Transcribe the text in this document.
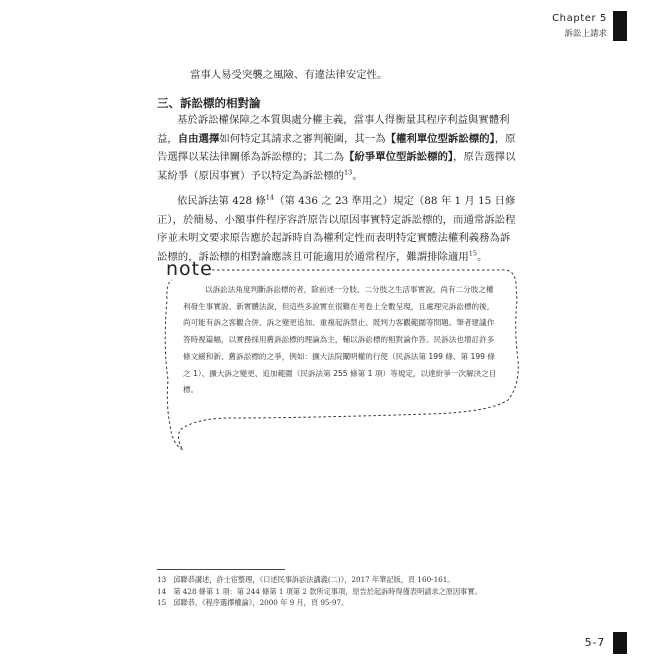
Chapter 5
訴訟上請求
當事人易受突襲之風險、有違法律安定性。
三、訴訟標的相對論
基於訴訟權保障之本質與處分權主義，當事人得衡量其程序利益與實體利益，自由選擇如何特定其請求之審判範圍，其一為【權利單位型訴訟標的】，原告選擇以某法律關係為訴訟標的；其二為【紛爭單位型訴訟標的】，原告選擇以某紛爭（原因事實）予以特定為訴訟標的$^{13}$。
依民訴法第 428 條$^{14}$（第 436 之 23 準用之）規定（88 年 1 月 15 日修正），於簡易、小額事件程序容許原告以原因事實特定訴訟標的，而通常訴訟程序並未明文要求原告應於起訴時自為權利定性而表明特定實體法權利義務為訴訟標的，訴訟標的相對論應該且可能適用於通常程序，難謂排除適用$^{15}$。
note
以訴訟法角度判斷訴訟標的者，除前述一分肢、二分肢之生活事實說，尚有二分肢之權利發生事實說、新實體法說，但這些多說實在很難在考卷上全數呈現，且處理完訴訟標的後，尚可能有訴之客觀合併、訴之變更追加、重複起訴禁止、既判力客觀範圍等問題。筆者建議作答時視篇幅，以實務採用舊訴訟標的理論為主，輔以訴訟標的相對論作答。民訴法也增訂許多條文緩和新、舊訴訟標的之爭，例如：擴大法院闡明權的行使（民訴法第 199 條、第 199 條之 1）、擴大訴之變更、追加範圍（民訴法第 255 條第 1 項）等規定，以達紛爭一次解決之目標。
13　邱聯恭講述，許士宦整理，《口述民事訴訟法講義(二)》，2017 年筆記版，頁 160-161。
14　第 428 條第 1 項：第 244 條第 1 項第 2 款所定事項，原告於起訴時得僅表明請求之原因事實。
15　邱聯恭，《程序選擇權論》，2000 年 9 月，頁 95-97。
5-7
